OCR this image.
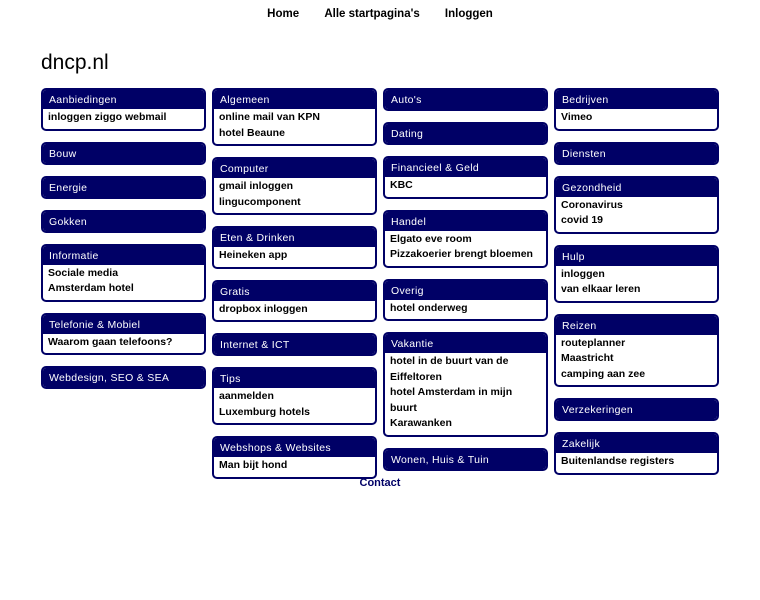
Home Alle startpagina's Inloggen
dncp.nl
Aanbiedingen
inloggen ziggo webmail
Bouw
Energie
Gokken
Informatie
Sociale media
Amsterdam hotel
Telefonie & Mobiel
Waarom gaan telefoons?
Webdesign, SEO & SEA
Algemeen
online mail van KPN
hotel Beaune
Computer
gmail inloggen
lingucomponent
Eten & Drinken
Heineken app
Gratis
dropbox inloggen
Internet & ICT
Tips
aanmelden
Luxemburg hotels
Webshops & Websites
Man bijt hond
Auto's
Dating
Financieel & Geld
KBC
Handel
Elgato eve room
Pizzakoerier brengt bloemen
Overig
hotel onderweg
Vakantie
hotel in de buurt van de Eiffeltoren
hotel Amsterdam in mijn buurt
Karawanken
Wonen, Huis & Tuin
Bedrijven
Vimeo
Diensten
Gezondheid
Coronavirus
covid 19
Hulp
inloggen
van elkaar leren
Reizen
routeplanner
Maastricht
camping aan zee
Verzekeringen
Zakelijk
Buitenlandse registers
Contact
